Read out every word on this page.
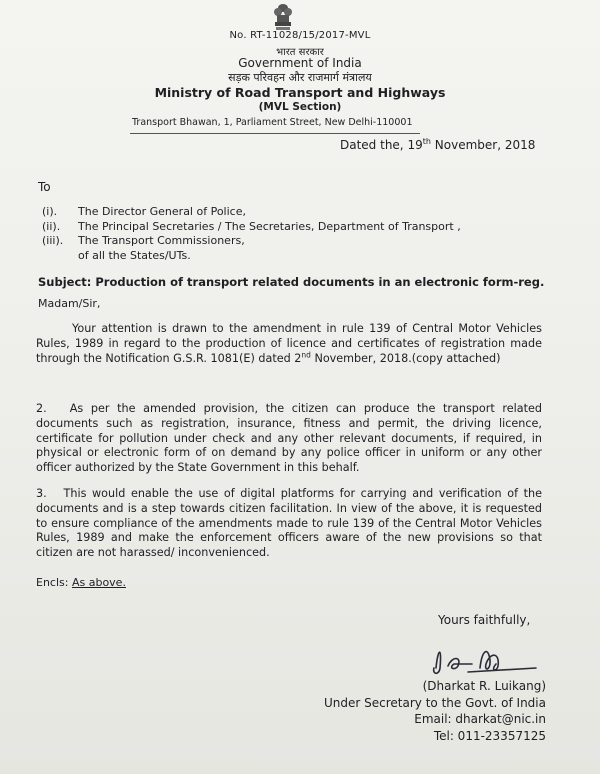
No. RT-11028/15/2017-MVL
भारत सरकार
Government of India
सड़क परिवहन और राजमार्ग मंत्रालय
Ministry of Road Transport and Highways
(MVL Section)
Transport Bhawan, 1, Parliament Street, New Delhi-110001
Dated the, 19th November, 2018
To
(i). The Director General of Police,
(ii). The Principal Secretaries / The Secretaries, Department of Transport ,
(iii). The Transport Commissioners,
of all the States/UTs.
Subject: Production of transport related documents in an electronic form-reg.
Madam/Sir,
Your attention is drawn to the amendment in rule 139 of Central Motor Vehicles Rules, 1989 in regard to the production of licence and certificates of registration made through the Notification G.S.R. 1081(E) dated 2nd November, 2018.(copy attached)
2.   As per the amended provision, the citizen can produce the transport related documents such as registration, insurance, fitness and permit, the driving licence, certificate for pollution under check and any other relevant documents, if required, in physical or electronic form of on demand by any police officer in uniform or any other officer authorized by the State Government in this behalf.
3.   This would enable the use of digital platforms for carrying and verification of the documents and is a step towards citizen facilitation. In view of the above, it is requested to ensure compliance of the amendments made to rule 139 of the Central Motor Vehicles Rules, 1989 and make the enforcement officers aware of the new provisions so that citizen are not harassed/ inconvenienced.
Encls: As above.
Yours faithfully,
(Dharkat R. Luikang)
Under Secretary to the Govt. of India
Email: dharkat@nic.in
Tel: 011-23357125
